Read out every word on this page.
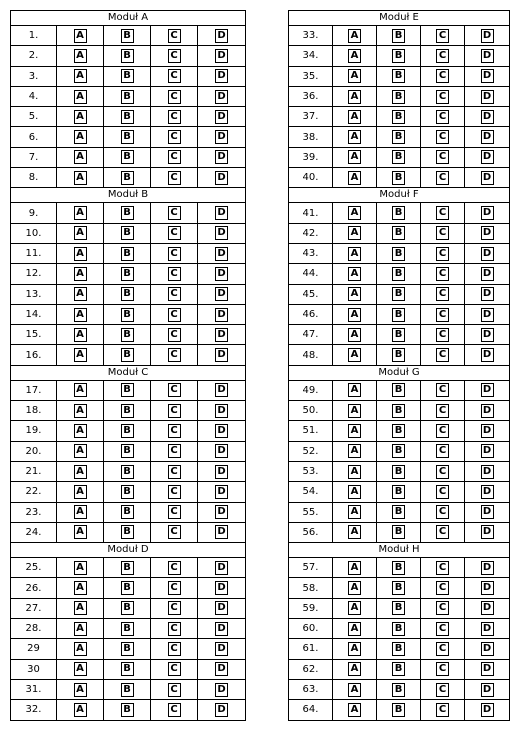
Moduł A
1.	A	B	C	D
2.	A	B	C	D
3.	A	B	C	D
4.	A	B	C	D
5.	A	B	C	D
6.	A	B	C	D
7.	A	B	C	D
8.	A	B	C	D
Moduł B
9.	A	B	C	D
10.	A	B	C	D
11.	A	B	C	D
12.	A	B	C	D
13.	A	B	C	D
14.	A	B	C	D
15.	A	B	C	D
16.	A	B	C	D
Moduł C
17.	A	B	C	D
18.	A	B	C	D
19.	A	B	C	D
20.	A	B	C	D
21.	A	B	C	D
22.	A	B	C	D
23.	A	B	C	D
24.	A	B	C	D
Moduł D
25.	A	B	C	D
26.	A	B	C	D
27.	A	B	C	D
28.	A	B	C	D
29	A	B	C	D
30	A	B	C	D
31.	A	B	C	D
32.	A	B	C	D
Moduł E
33.	A	B	C	D
34.	A	B	C	D
35.	A	B	C	D
36.	A	B	C	D
37.	A	B	C	D
38.	A	B	C	D
39.	A	B	C	D
40.	A	B	C	D
Moduł F
41.	A	B	C	D
42.	A	B	C	D
43.	A	B	C	D
44.	A	B	C	D
45.	A	B	C	D
46.	A	B	C	D
47.	A	B	C	D
48.	A	B	C	D
Moduł G
49.	A	B	C	D
50.	A	B	C	D
51.	A	B	C	D
52.	A	B	C	D
53.	A	B	C	D
54.	A	B	C	D
55.	A	B	C	D
56.	A	B	C	D
Moduł H
57.	A	B	C	D
58.	A	B	C	D
59.	A	B	C	D
60.	A	B	C	D
61.	A	B	C	D
62.	A	B	C	D
63.	A	B	C	D
64.	A	B	C	D
